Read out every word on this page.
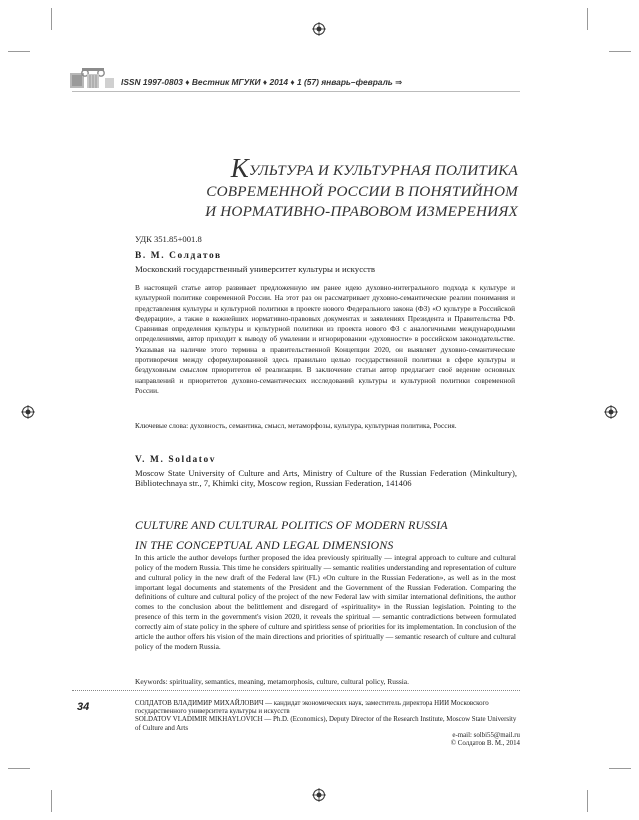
ISSN 1997-0803 ♦ Вестник МГУКИ ♦ 2014 ♦ 1 (57) январь–февраль ⇒
КУЛЬТУРА И КУЛЬТУРНАЯ ПОЛИТИКА
СОВРЕМЕННОЙ РОССИИ В ПОНЯТИЙНОМ
И НОРМАТИВНО-ПРАВОВОМ ИЗМЕРЕНИЯХ
УДК 351.85+001.8
В. М. Солдатов
Московский государственный университет культуры и искусств
В настоящей статье автор развивает предложенную им ранее идею духовно-интегрального подхода к культуре и культурной политике современной России. На этот раз он рассматривает духовно-семантические реалии понимания и представления культуры и культурной политики в проекте нового Федерального закона (ФЗ) «О культуре в Российской Федерации», а также в важнейших нормативно-правовых документах и заявлениях Президента и Правительства РФ. Сравнивая определения культуры и культурной политики из проекта нового ФЗ с аналогичными международными определениями, автор приходит к выводу об умалении и игнорировании «духовности» в российском законодательстве. Указывая на наличие этого термина в правительственной Концепции 2020, он выявляет духовно-семантические противоречия между сформулированной здесь правильно целью государственной политики в сфере культуры и бездуховным смыслом приоритетов её реализации. В заключение статьи автор предлагает своё ведение основных направлений и приоритетов духовно-семантических исследований культуры и культурной политики современной России.
Ключевые слова: духовность, семантика, смысл, метаморфозы, культура, культурная политика, Россия.
V. M. Soldatov
Moscow State University of Culture and Arts, Ministry of Culture of the Russian Federation (Minkultury), Bibliotechnaya str., 7, Khimki city, Moscow region, Russian Federation, 141406
CULTURE AND CULTURAL POLITICS OF MODERN RUSSIA
IN THE CONCEPTUAL AND LEGAL DIMENSIONS
In this article the author develops further proposed the idea previously spiritually — integral approach to culture and cultural policy of the modern Russia. This time he considers spiritually — semantic realities understanding and representation of culture and cultural policy in the new draft of the Federal law (FL) «On culture in the Russian Federation», as well as in the most important legal documents and statements of the President and the Government of the Russian Federation. Comparing the definitions of culture and cultural policy of the project of the new Federal law with similar international definitions, the author comes to the conclusion about the belittlement and disregard of «spirituality» in the Russian legislation. Pointing to the presence of this term in the government's vision 2020, it reveals the spiritual — semantic contradictions between formulated correctly aim of state policy in the sphere of culture and spiritless sense of priorities for its implementation. In conclusion of the article the author offers his vision of the main directions and priorities of spiritually — semantic research of culture and cultural policy of the modern Russia.
Keywords: spirituality, semantics, meaning, metamorphosis, culture, cultural policy, Russia.
34	СОЛДАТОВ ВЛАДИМИР МИХАЙЛОВИЧ — кандидат экономических наук, заместитель директора НИИ Московского государственного университета культуры и искусств

SOLDATOV VLADIMIR MIKHAYLOVICH — Ph.D. (Economics), Deputy Director of the Research Institute, Moscow State University of Culture and Arts

e-mail: solbi55@mail.ru
© Солдатов В. М., 2014
